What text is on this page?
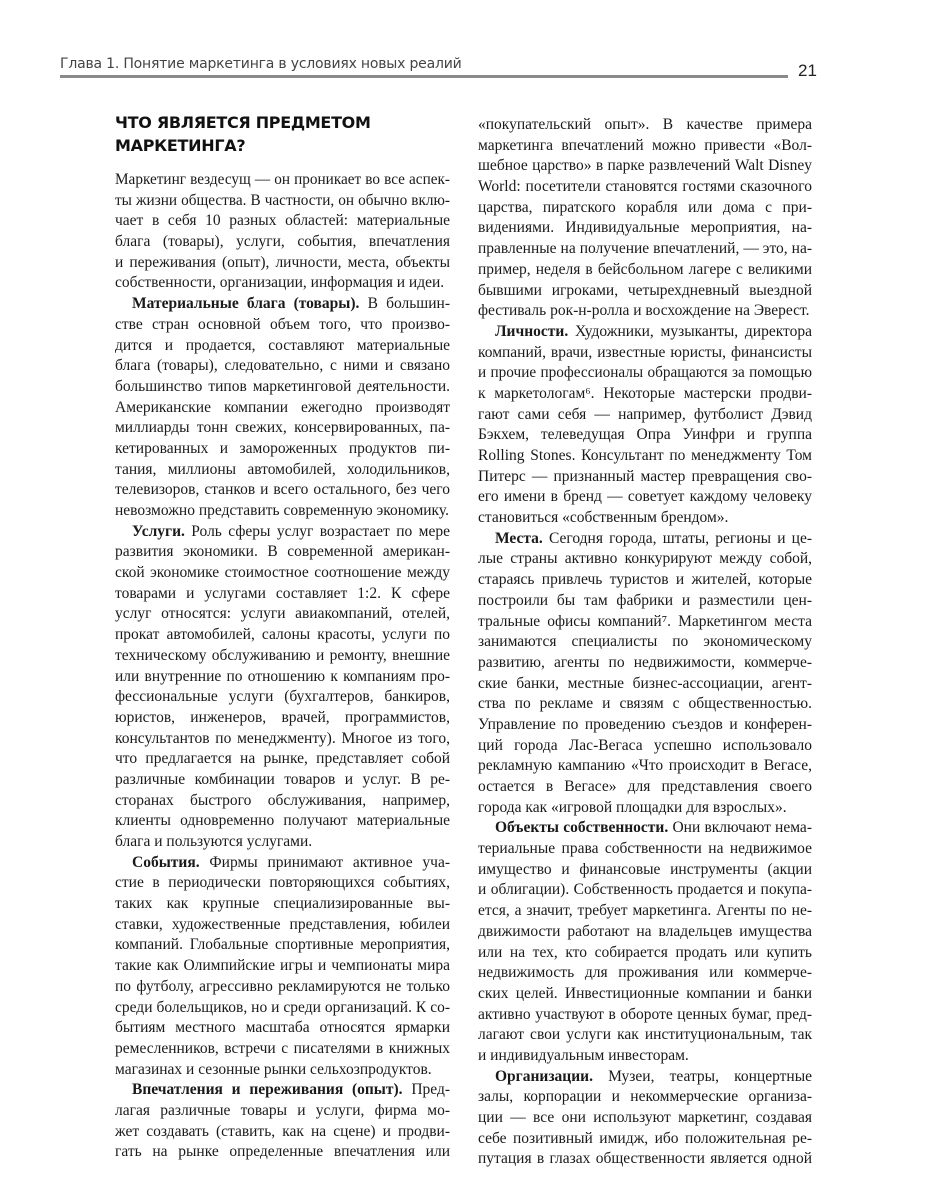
Глава 1. Понятие маркетинга в условиях новых реалий	21
ЧТО ЯВЛЯЕТСЯ ПРЕДМЕТОМ
МАРКЕТИНГА?
Маркетинг вездесущ — он проникает во все аспек-
ты жизни общества. В частности, он обычно вклю-
чает в себя 10 разных областей: материальные
блага (товары), услуги, события, впечатления
и переживания (опыт), личности, места, объекты
собственности, организации, информация и идеи.
Материальные блага (товары). В большин-
стве стран основной объем того, что произво-
дится и продается, составляют материальные
блага (товары), следовательно, с ними и связано
большинство типов маркетинговой деятельности.
Американские компании ежегодно производят
миллиарды тонн свежих, консервированных, па-
кетированных и замороженных продуктов пи-
тания, миллионы автомобилей, холодильников,
телевизоров, станков и всего остального, без чего
невозможно представить современную экономику.
Услуги. Роль сферы услуг возрастает по мере
развития экономики. В современной американ-
ской экономике стоимостное соотношение между
товарами и услугами составляет 1:2. К сфере
услуг относятся: услуги авиакомпаний, отелей,
прокат автомобилей, салоны красоты, услуги по
техническому обслуживанию и ремонту, внешние
или внутренние по отношению к компаниям про-
фессиональные услуги (бухгалтеров, банкиров,
юристов, инженеров, врачей, программистов,
консультантов по менеджменту). Многое из того,
что предлагается на рынке, представляет собой
различные комбинации товаров и услуг. В ре-
сторанах быстрого обслуживания, например,
клиенты одновременно получают материальные
блага и пользуются услугами.
События. Фирмы принимают активное уча-
стие в периодически повторяющихся событиях,
таких как крупные специализированные вы-
ставки, художественные представления, юбилеи
компаний. Глобальные спортивные мероприятия,
такие как Олимпийские игры и чемпионаты мира
по футболу, агрессивно рекламируются не только
среди болельщиков, но и среди организаций. К со-
бытиям местного масштаба относятся ярмарки
ремесленников, встречи с писателями в книжных
магазинах и сезонные рынки сельхозпродуктов.
Впечатления и переживания (опыт). Пред-
лагая различные товары и услуги, фирма мо-
жет создавать (ставить, как на сцене) и продви-
гать на рынке определенные впечатления или
«покупательский опыт». В качестве примера
маркетинга впечатлений можно привести «Вол-
шебное царство» в парке развлечений Walt Disney
World: посетители становятся гостями сказочного
царства, пиратского корабля или дома с при-
видениями. Индивидуальные мероприятия, на-
правленные на получение впечатлений, — это, на-
пример, неделя в бейсбольном лагере с великими
бывшими игроками, четырехдневный выездной
фестиваль рок-н-ролла и восхождение на Эверест.
Личности. Художники, музыканты, директора
компаний, врачи, известные юристы, финансисты
и прочие профессионалы обращаются за помощью
к маркетологам⁶. Некоторые мастерски продви-
гают сами себя — например, футболист Дэвид
Бэкхем, телеведущая Опра Уинфри и группа
Rolling Stones. Консультант по менеджменту Том
Питерс — признанный мастер превращения сво-
его имени в бренд — советует каждому человеку
становиться «собственным брендом».
Места. Сегодня города, штаты, регионы и це-
лые страны активно конкурируют между собой,
стараясь привлечь туристов и жителей, которые
построили бы там фабрики и разместили цен-
тральные офисы компаний⁷. Маркетингом места
занимаются специалисты по экономическому
развитию, агенты по недвижимости, коммерче-
ские банки, местные бизнес-ассоциации, агент-
ства по рекламе и связям с общественностью.
Управление по проведению съездов и конферен-
ций города Лас-Вегаса успешно использовало
рекламную кампанию «Что происходит в Вегасе,
остается в Вегасе» для представления своего
города как «игровой площадки для взрослых».
Объекты собственности. Они включают нема-
териальные права собственности на недвижимое
имущество и финансовые инструменты (акции
и облигации). Собственность продается и покупа-
ется, а значит, требует маркетинга. Агенты по не-
движимости работают на владельцев имущества
или на тех, кто собирается продать или купить
недвижимость для проживания или коммерче-
ских целей. Инвестиционные компании и банки
активно участвуют в обороте ценных бумаг, пред-
лагают свои услуги как институциональным, так
и индивидуальным инвесторам.
Организации. Музеи, театры, концертные
залы, корпорации и некоммерческие организа-
ции — все они используют маркетинг, создавая
себе позитивный имидж, ибо положительная ре-
путация в глазах общественности является одной
